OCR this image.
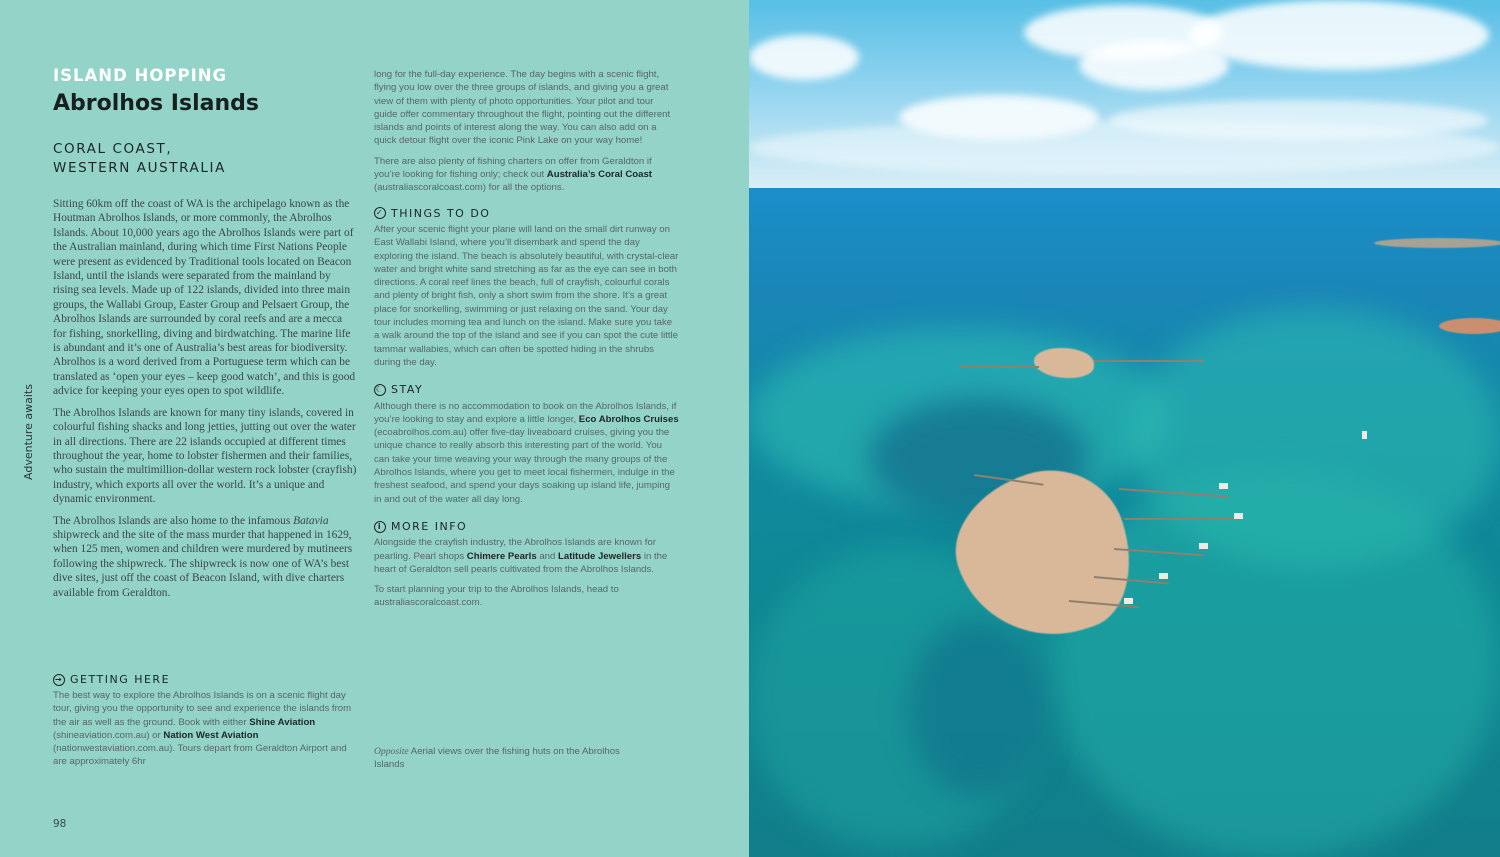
ISLAND HOPPING
Abrolhos Islands
CORAL COAST,
WESTERN AUSTRALIA
Adventure awaits

Sitting 60km off the coast of WA is the archipelago known as the Houtman Abrolhos Islands, or more commonly, the Abrolhos Islands. About 10,000 years ago the Abrolhos Islands were part of the Australian mainland, during which time First Nations People were present as evidenced by Traditional tools located on Beacon Island, until the islands were separated from the mainland by rising sea levels. Made up of 122 islands, divided into three main groups, the Wallabi Group, Easter Group and Pelsaert Group, the Abrolhos Islands are surrounded by coral reefs and are a mecca for fishing, snorkelling, diving and birdwatching. The marine life is abundant and it’s one of Australia’s best areas for biodiversity. Abrolhos is a word derived from a Portuguese term which can be translated as ‘open your eyes – keep good watch’, and this is good advice for keeping your eyes open to spot wildlife.

The Abrolhos Islands are known for many tiny islands, covered in colourful fishing shacks and long jetties, jutting out over the water in all directions. There are 22 islands occupied at different times throughout the year, home to lobster fishermen and their families, who sustain the multimillion-dollar western rock lobster (crayfish) industry, which exports all over the world. It’s a unique and dynamic environment.

The Abrolhos Islands are also home to the infamous Batavia shipwreck and the site of the mass murder that happened in 1629, when 125 men, women and children were murdered by mutineers following the shipwreck. The shipwreck is now one of WA’s best dive sites, just off the coast of Beacon Island, with dive charters available from Geraldton.

→ GETTING HERE
The best way to explore the Abrolhos Islands is on a scenic flight day tour, giving you the opportunity to see and experience the islands from the air as well as the ground. Book with either Shine Aviation (shineaviation.com.au) or Nation West Aviation (nationwestaviation.com.au). Tours depart from Geraldton Airport and are approximately 6hr

long for the full-day experience. The day begins with a scenic flight, flying you low over the three groups of islands, and giving you a great view of them with plenty of photo opportunities. Your pilot and tour guide offer commentary throughout the flight, pointing out the different islands and points of interest along the way. You can also add on a quick detour flight over the iconic Pink Lake on your way home!

There are also plenty of fishing charters on offer from Geraldton if you’re looking for fishing only; check out Australia’s Coral Coast (australiascoralcoast.com) for all the options.

✓ THINGS TO DO

After your scenic flight your plane will land on the small dirt runway on East Wallabi Island, where you’ll disembark and spend the day exploring the island. The beach is absolutely beautiful, with crystal-clear water and bright white sand stretching as far as the eye can see in both directions. A coral reef lines the beach, full of crayfish, colourful corals and plenty of bright fish, only a short swim from the shore. It’s a great place for snorkelling, swimming or just relaxing on the sand. Your day tour includes morning tea and lunch on the island. Make sure you take a walk around the top of the island and see if you can spot the cute little tammar wallabies, which can often be spotted hiding in the shrubs during the day.

☾ STAY

Although there is no accommodation to book on the Abrolhos Islands, if you’re looking to stay and explore a little longer, Eco Abrolhos Cruises (ecoabrolhos.com.au) offer five-day liveaboard cruises, giving you the unique chance to really absorb this interesting part of the world. You can take your time weaving your way through the many groups of the Abrolhos Islands, where you get to meet local fishermen, indulge in the freshest seafood, and spend your days soaking up island life, jumping in and out of the water all day long.

i MORE INFO

Alongside the crayfish industry, the Abrolhos Islands are known for pearling. Pearl shops Chimere Pearls and Latitude Jewellers in the heart of Geraldton sell pearls cultivated from the Abrolhos Islands.

To start planning your trip to the Abrolhos Islands, head to australiascoralcoast.com.

Opposite Aerial views over the fishing huts on the Abrolhos Islands
98
